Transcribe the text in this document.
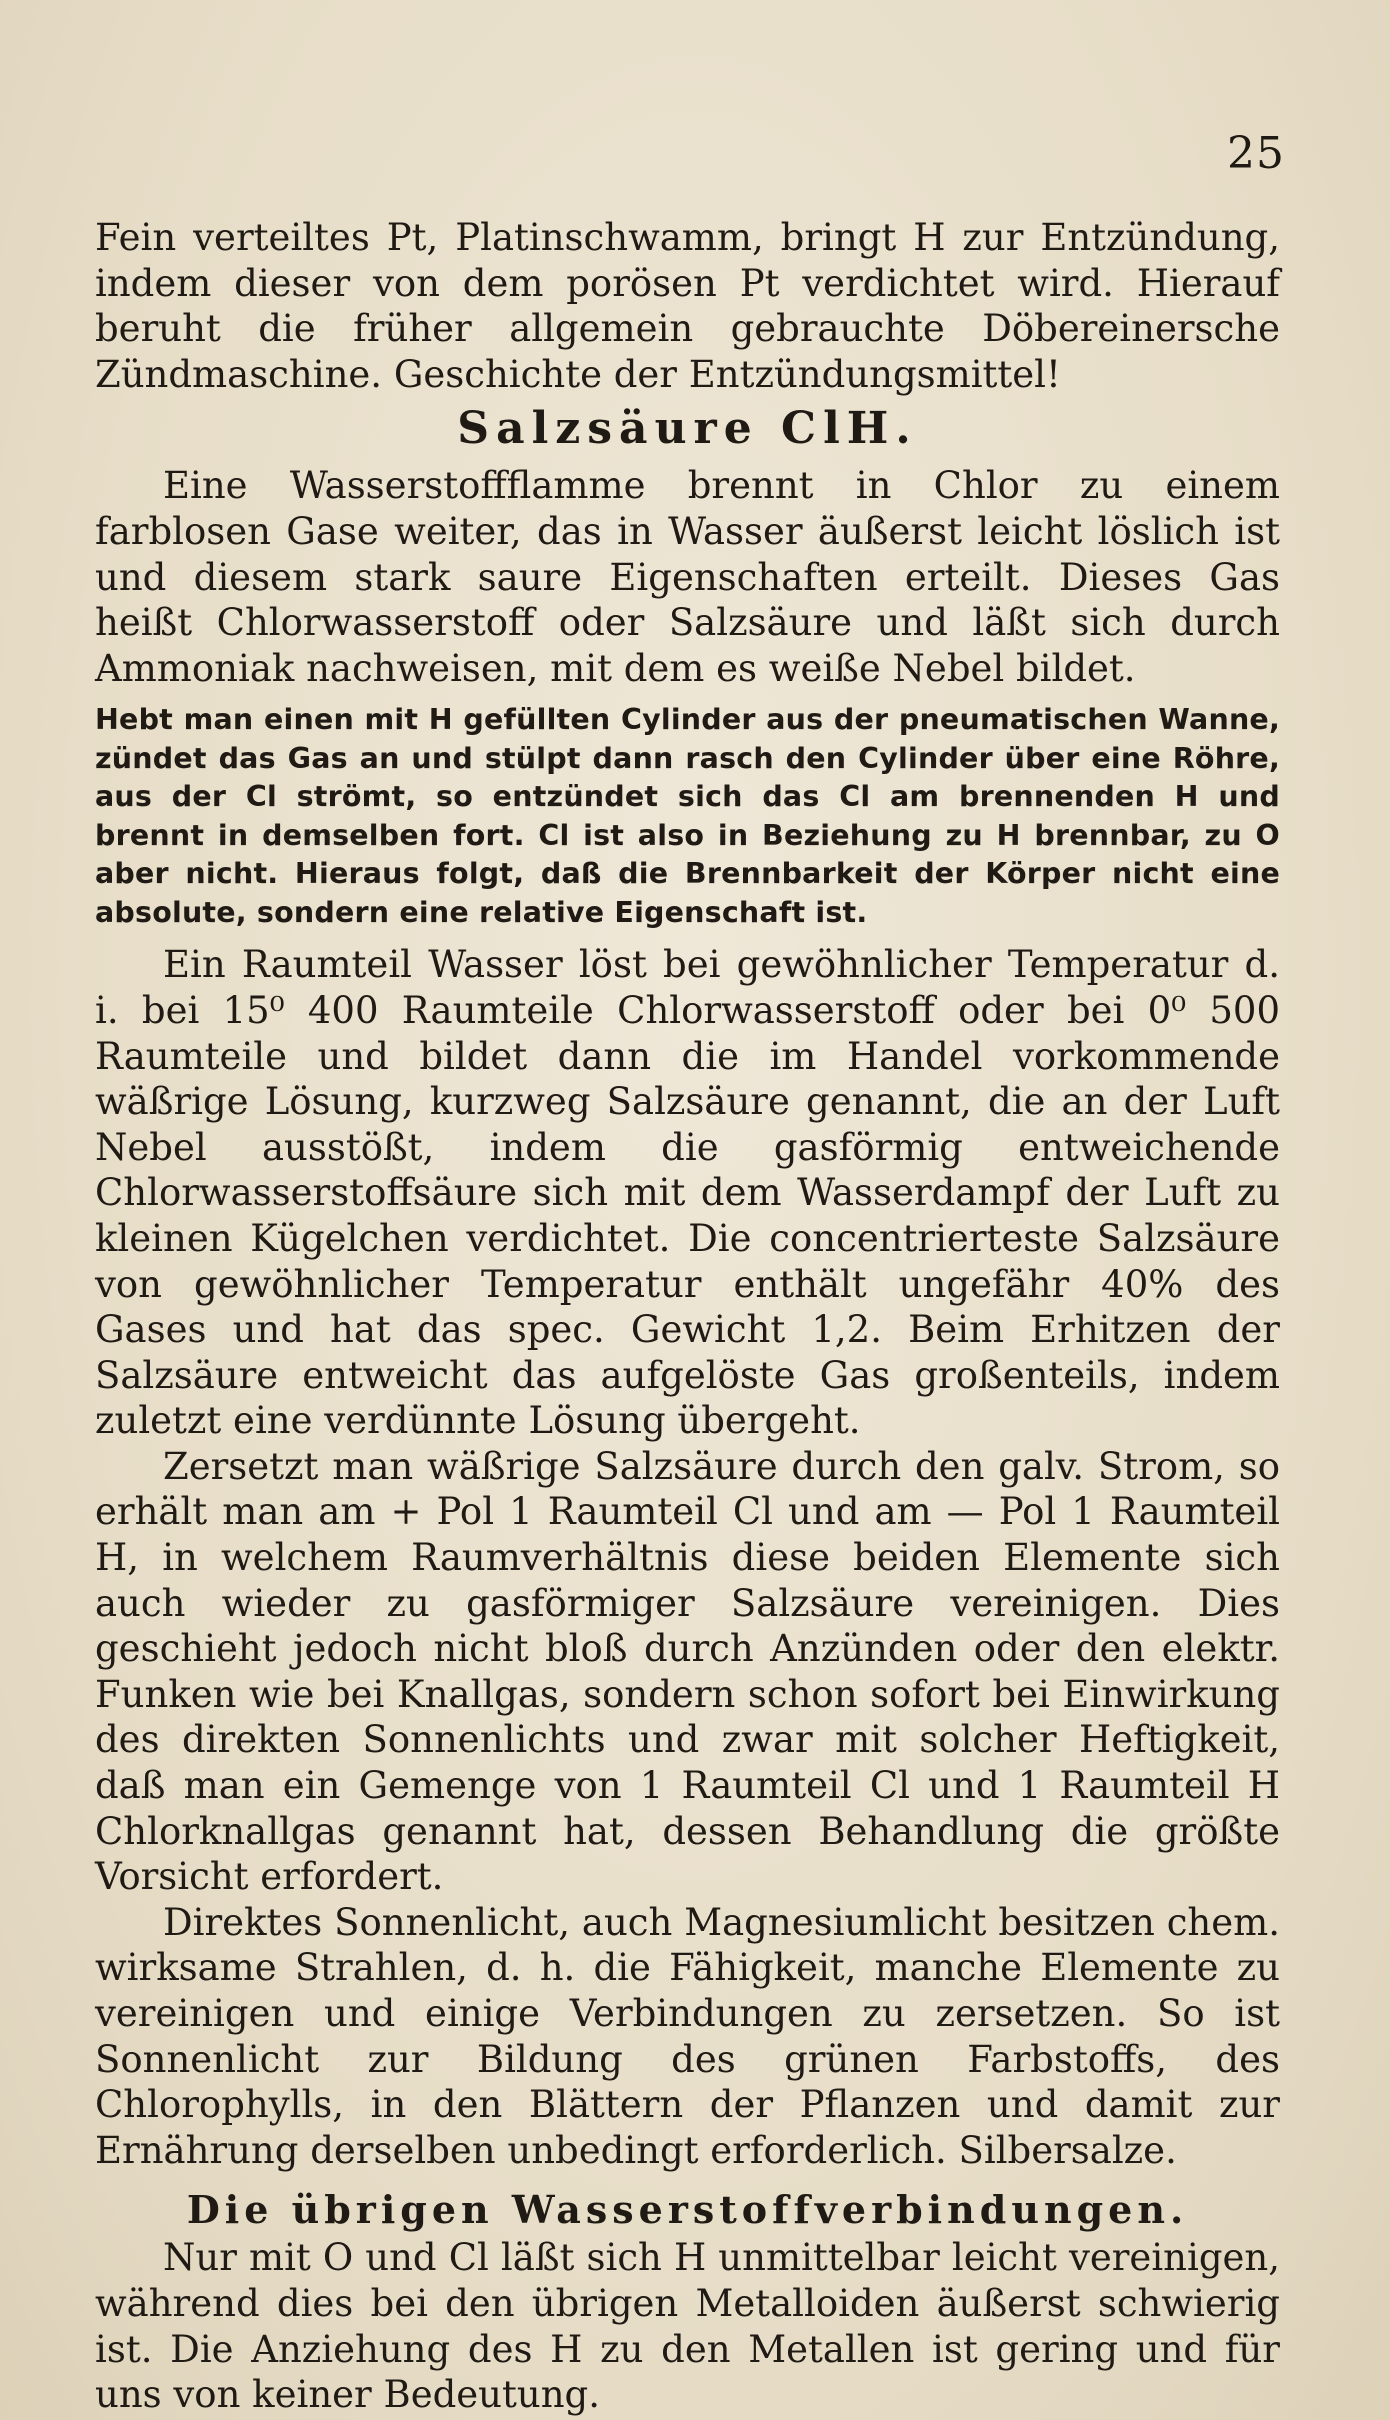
25

Fein verteiltes Pt, Platinschwamm, bringt H zur Entzündung, indem dieser von dem porösen Pt verdichtet wird. Hierauf beruht die früher allgemein gebrauchte Döbereinersche Zündmaschine. Geschichte der Entzündungsmittel!

Salzsäure ClH.

Eine Wasserstoffflamme brennt in Chlor zu einem farblosen Gase weiter, das in Wasser äußerst leicht löslich ist und diesem stark saure Eigenschaften erteilt. Dieses Gas heißt Chlorwasserstoff oder Salzsäure und läßt sich durch Ammoniak nachweisen, mit dem es weiße Nebel bildet.

Hebt man einen mit H gefüllten Cylinder aus der pneumatischen Wanne, zündet das Gas an und stülpt dann rasch den Cylinder über eine Röhre, aus der Cl strömt, so entzündet sich das Cl am brennenden H und brennt in demselben fort. Cl ist also in Beziehung zu H brennbar, zu O aber nicht. Hieraus folgt, daß die Brennbarkeit der Körper nicht eine absolute, sondern eine relative Eigenschaft ist.

Ein Raumteil Wasser löst bei gewöhnlicher Temperatur d. i. bei 15⁰ 400 Raumteile Chlorwasserstoff oder bei 0⁰ 500 Raumteile und bildet dann die im Handel vorkommende wäßrige Lösung, kurzweg Salzsäure genannt, die an der Luft Nebel ausstößt, indem die gasförmig entweichende Chlorwasserstoffsäure sich mit dem Wasserdampf der Luft zu kleinen Kügelchen verdichtet. Die concentrierteste Salzsäure von gewöhnlicher Temperatur enthält ungefähr 40% des Gases und hat das spec. Gewicht 1,2. Beim Erhitzen der Salzsäure entweicht das aufgelöste Gas großenteils, indem zuletzt eine verdünnte Lösung übergeht.

Zersetzt man wäßrige Salzsäure durch den galv. Strom, so erhält man am + Pol 1 Raumteil Cl und am — Pol 1 Raumteil H, in welchem Raumverhältnis diese beiden Elemente sich auch wieder zu gasförmiger Salzsäure vereinigen. Dies geschieht jedoch nicht bloß durch Anzünden oder den elektr. Funken wie bei Knallgas, sondern schon sofort bei Einwirkung des direkten Sonnenlichts und zwar mit solcher Heftigkeit, daß man ein Gemenge von 1 Raumteil Cl und 1 Raumteil H Chlorknallgas genannt hat, dessen Behandlung die größte Vorsicht erfordert.

Direktes Sonnenlicht, auch Magnesiumlicht besitzen chem. wirksame Strahlen, d. h. die Fähigkeit, manche Elemente zu vereinigen und einige Verbindungen zu zersetzen. So ist Sonnenlicht zur Bildung des grünen Farbstoffs, des Chlorophylls, in den Blättern der Pflanzen und damit zur Ernährung derselben unbedingt erforderlich. Silbersalze.

Die übrigen Wasserstoffverbindungen.

Nur mit O und Cl läßt sich H unmittelbar leicht vereinigen, während dies bei den übrigen Metalloiden äußerst schwierig ist. Die Anziehung des H zu den Metallen ist gering und für uns von keiner Bedeutung.
